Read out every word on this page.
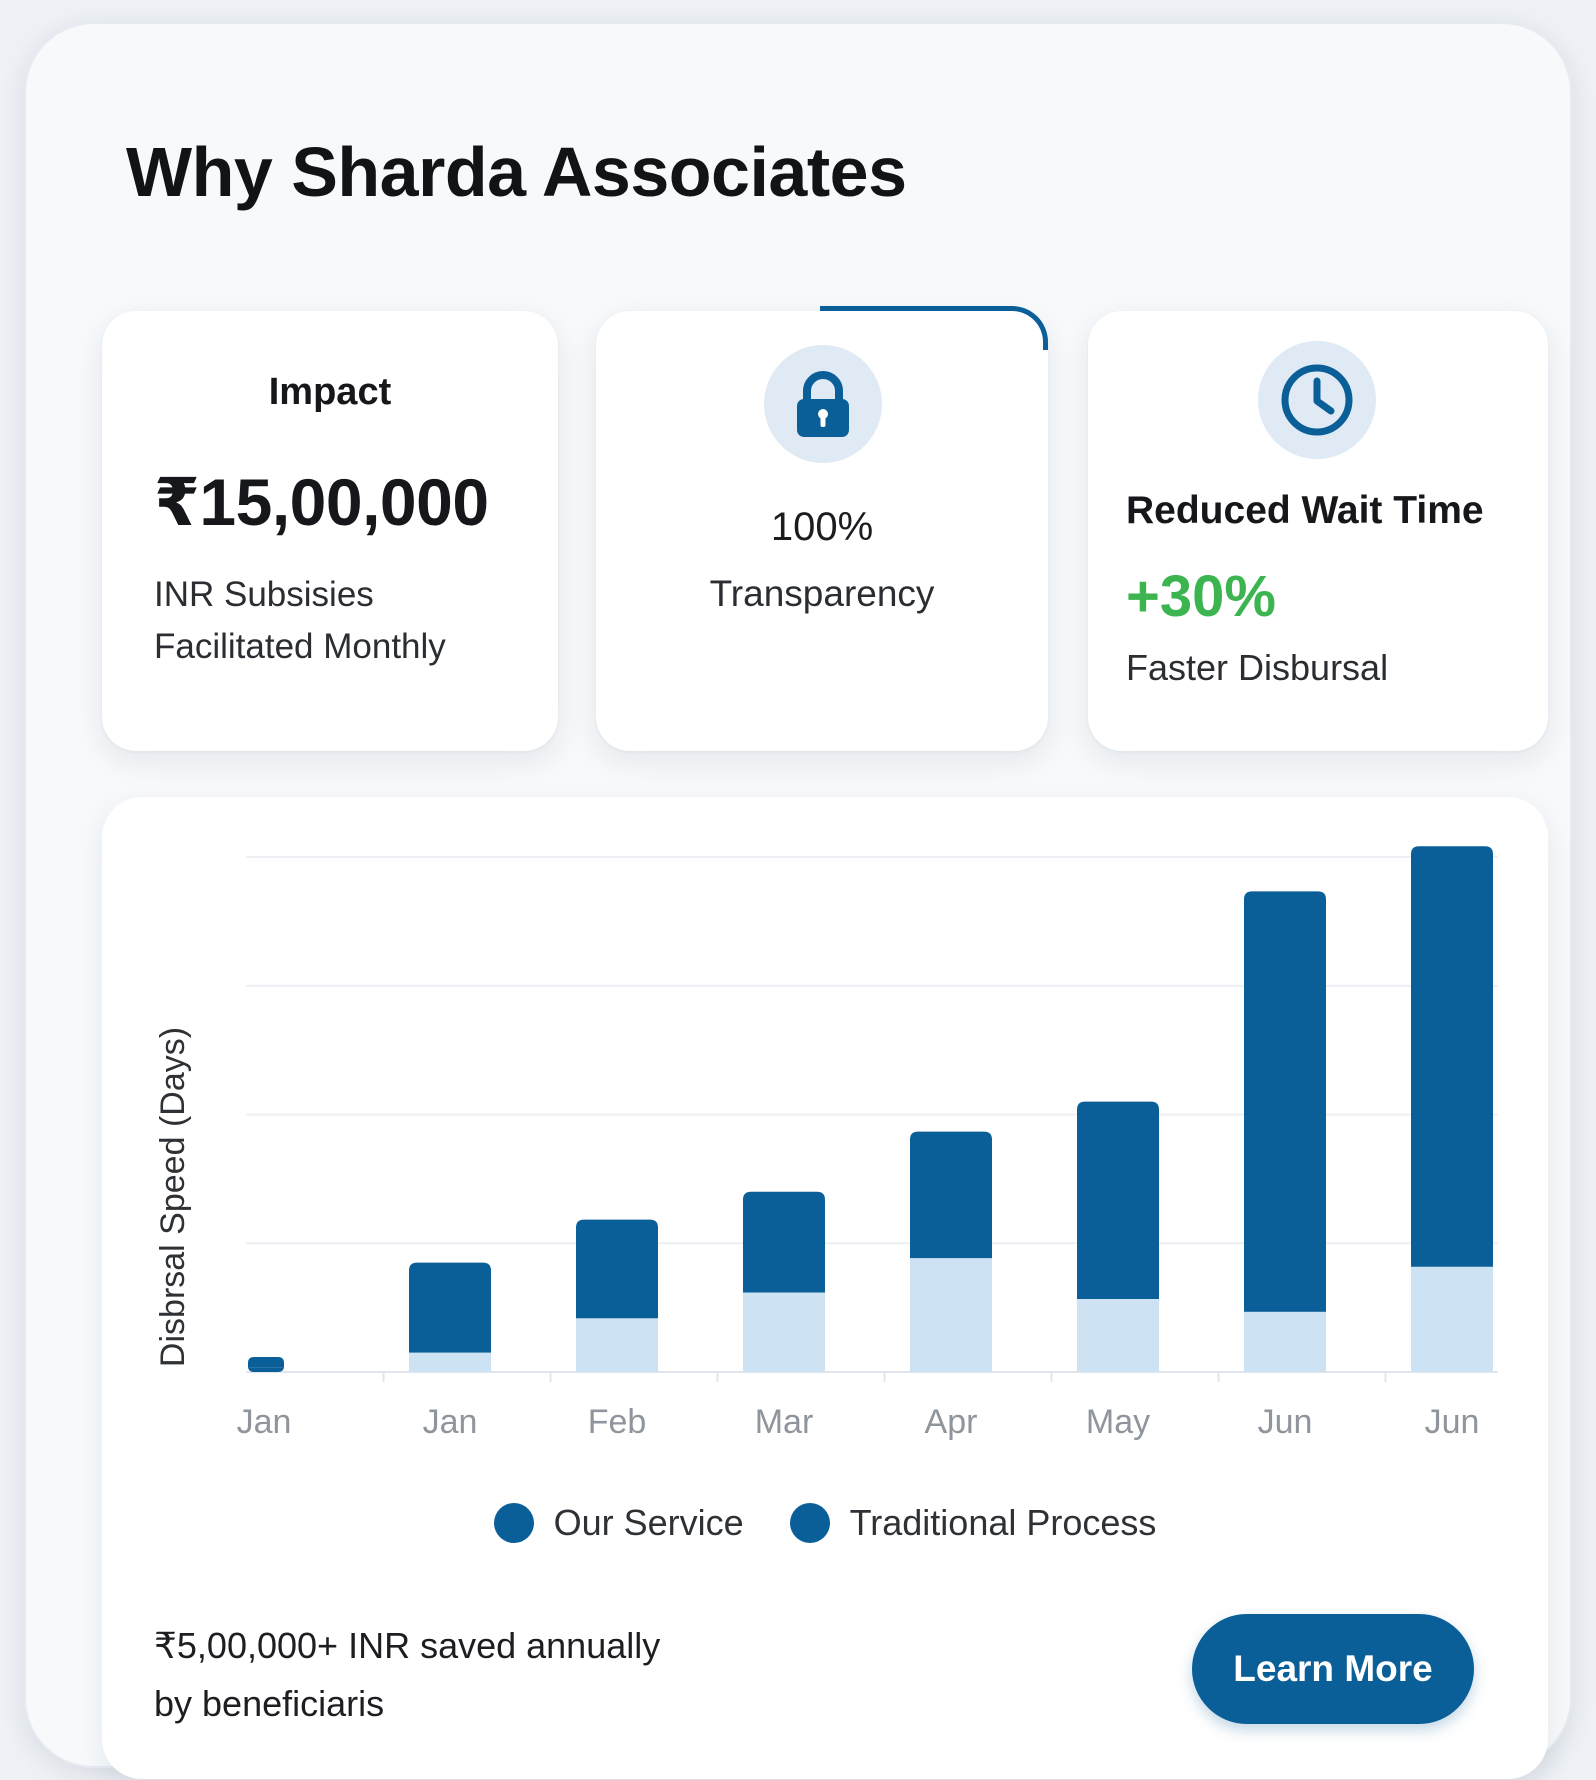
Why Sharda Associates
Impact
₹15,00,000
INR Subsisies
Facilitated Monthly
100%
Transparency
Reduced Wait Time
+30%
Faster Disbursal
Jan	Jan	Feb	Mar	Apr	May	Jun	Jun
Disbrsal Speed (Days)
Our Service	Traditional Process
₹5,00,000+ INR saved annually
by beneficiaris
Learn More
